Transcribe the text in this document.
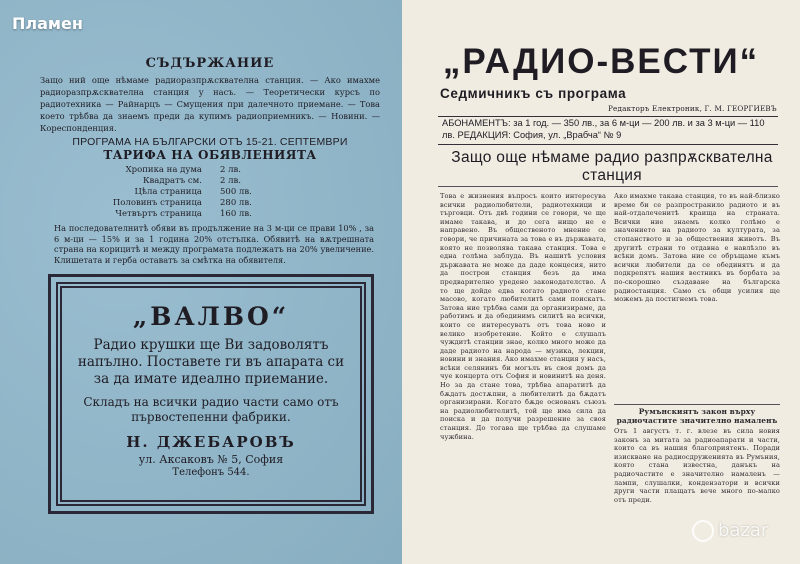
Пламен
СЪДЪРЖАНИЕ
Защо ний още нѣмаме радиоразпрѫсквателна станция. — Ако имахме радиоразпрѫсквателна станция у насъ. — Теоретически курсъ по радиотехника — Райнарцъ — Смущения при далечното приемане. — Това което трѣбва да знаемъ преди да купимъ радиоприемникъ. — Новини. — Кореспонденция.
ПРОГРАМА НА БЪЛГАРСКИ ОТЪ 15-21. СЕПТЕМВРИ
ТАРИФА НА ОБЯВЛЕНИЯТА
Хропика на дума	2 лв.
Квадратъ см.	2 лв.
Цѣла страница	500 лв.
Половинъ страница	280 лв.
Четвъртъ страница	160 лв.
На последователнитѣ обяви въ продължение на 3 м-ци се прави 10% , за 6 м-ци — 15% и за 1 година 20% отстъпка. Обявитѣ на вѫтрешната страна на корицитѣ и между програмата подлежатъ на 20% увеличение. Клишетата и герба оставатъ за смѣтка на обявителя.
„ВАЛВО“
Радио крушки ще Ви задоволятъ напълно. Поставете ги въ апарата си за да имате идеално приемание.
Складъ на всички радио части само отъ първостепенни фабрики.
Н. ДЖЕБАРОВЪ
ул. Аксаковъ № 5, София
Телефонъ 544.
„РАДИО-ВЕСТИ“
Седмичникъ съ програма
Редакторъ Електроник, Г. М. ГЕОРГИЕВЪ
АБОНАМЕНТЪ: за 1 год. — 350 лв., за 6 м-ци — 200 лв. и за 3 м-ци — 110 лв. РЕДАКЦИЯ: София, ул. „Врабча“ № 9
Защо още нѣмаме радио разпрѫсквателна станция
Това е жизнения въпросъ които интересува всички радиолюбители, радиотехници и търговци. Отъ двѣ години се говори, че ще имаме такава, и до сега нищо не е направено. Въ общественото мнение се говори, че причината за това е въ държавата, която не позволява такава станция. Това е една голѣма заблуда. Въ нашитѣ условия държавата не може да даде концесия, нито да построи станция безъ да има предварително уредено законодателство. А то ще дойде едва когато радиото стане масово, когато любителитѣ сами поискатъ. Затова ние трѣбва сами да организираме, да работимъ и да обединимъ силитѣ на всички, които се интересуватъ отъ това ново и велико изобретение. Който е слушалъ чуждитѣ станции знае, колко много може да даде радиото на народа — музика, лекции, новини и знания. Ако имахме станция у насъ, всѣки селянинъ би могълъ въ своя домъ да чуе концерта отъ София и новинитѣ на деня. Но за да стане това, трѣбва апаратитѣ да бѫдатъ достѫпни, а любителитѣ да бѫдатъ организирани. Когато бѫде основанъ съюзъ на радиолюбителитѣ, той ще има сила да поиска и да получи разрешение за своя станция. До тогава ще трѣбва да слушаме чужбина.
Ако имахме такава станция, то въ най-близко време би се разпространило радиото и въ най-отдалеченитѣ краища на страната. Всички ние знаемъ колко голѣмо е значението на радиото за културата, за стопанството и за обществения животъ. Въ другитѣ страни то отдавна е навлѣзло въ всѣки домъ. Затова ние се обръщаме къмъ всички любители да се обединятъ и да подкрепятъ нашия вестникъ въ борбата за по-скорошно създаване на българска радиостанция. Само съ общи усилия ще можемъ да постигнемъ това.
Румънскиятъ закон върху радиочастите значително намаленъ
Отъ 1 августъ т. г. влезе въ сила новия законъ за митата за радиоапарати и части, които са въ нашия благоприятенъ. Поради изискване на радиосдруженията въ Румъния, която стана известна, данъкъ на радиочастите е значително намаленъ — лампи, слушалки, кондензатори и всички други части плащатъ вече много по-малко отъ преди.
bazar
